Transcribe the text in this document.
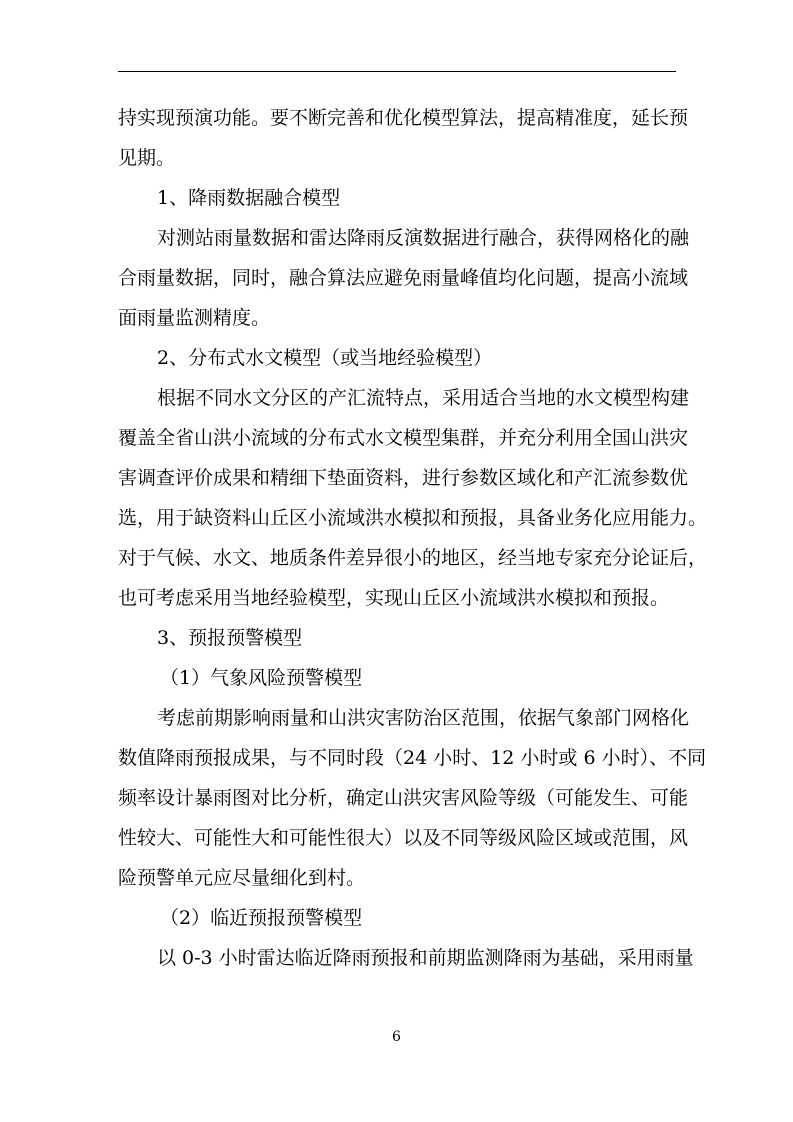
持实现预演功能。要不断完善和优化模型算法，提高精准度，延长预
见期。
1、降雨数据融合模型
对测站雨量数据和雷达降雨反演数据进行融合，获得网格化的融
合雨量数据，同时，融合算法应避免雨量峰值均化问题，提高小流域
面雨量监测精度。
2、分布式水文模型（或当地经验模型）
根据不同水文分区的产汇流特点，采用适合当地的水文模型构建
覆盖全省山洪小流域的分布式水文模型集群，并充分利用全国山洪灾
害调查评价成果和精细下垫面资料，进行参数区域化和产汇流参数优
选，用于缺资料山丘区小流域洪水模拟和预报，具备业务化应用能力。
对于气候、水文、地质条件差异很小的地区，经当地专家充分论证后，
也可考虑采用当地经验模型，实现山丘区小流域洪水模拟和预报。
3、预报预警模型
（1）气象风险预警模型
考虑前期影响雨量和山洪灾害防治区范围，依据气象部门网格化
数值降雨预报成果，与不同时段（24 小时、12 小时或 6 小时）、不同
频率设计暴雨图对比分析，确定山洪灾害风险等级（可能发生、可能
性较大、可能性大和可能性很大）以及不同等级风险区域或范围，风
险预警单元应尽量细化到村。
（2）临近预报预警模型
以 0-3 小时雷达临近降雨预报和前期监测降雨为基础，采用雨量
6
